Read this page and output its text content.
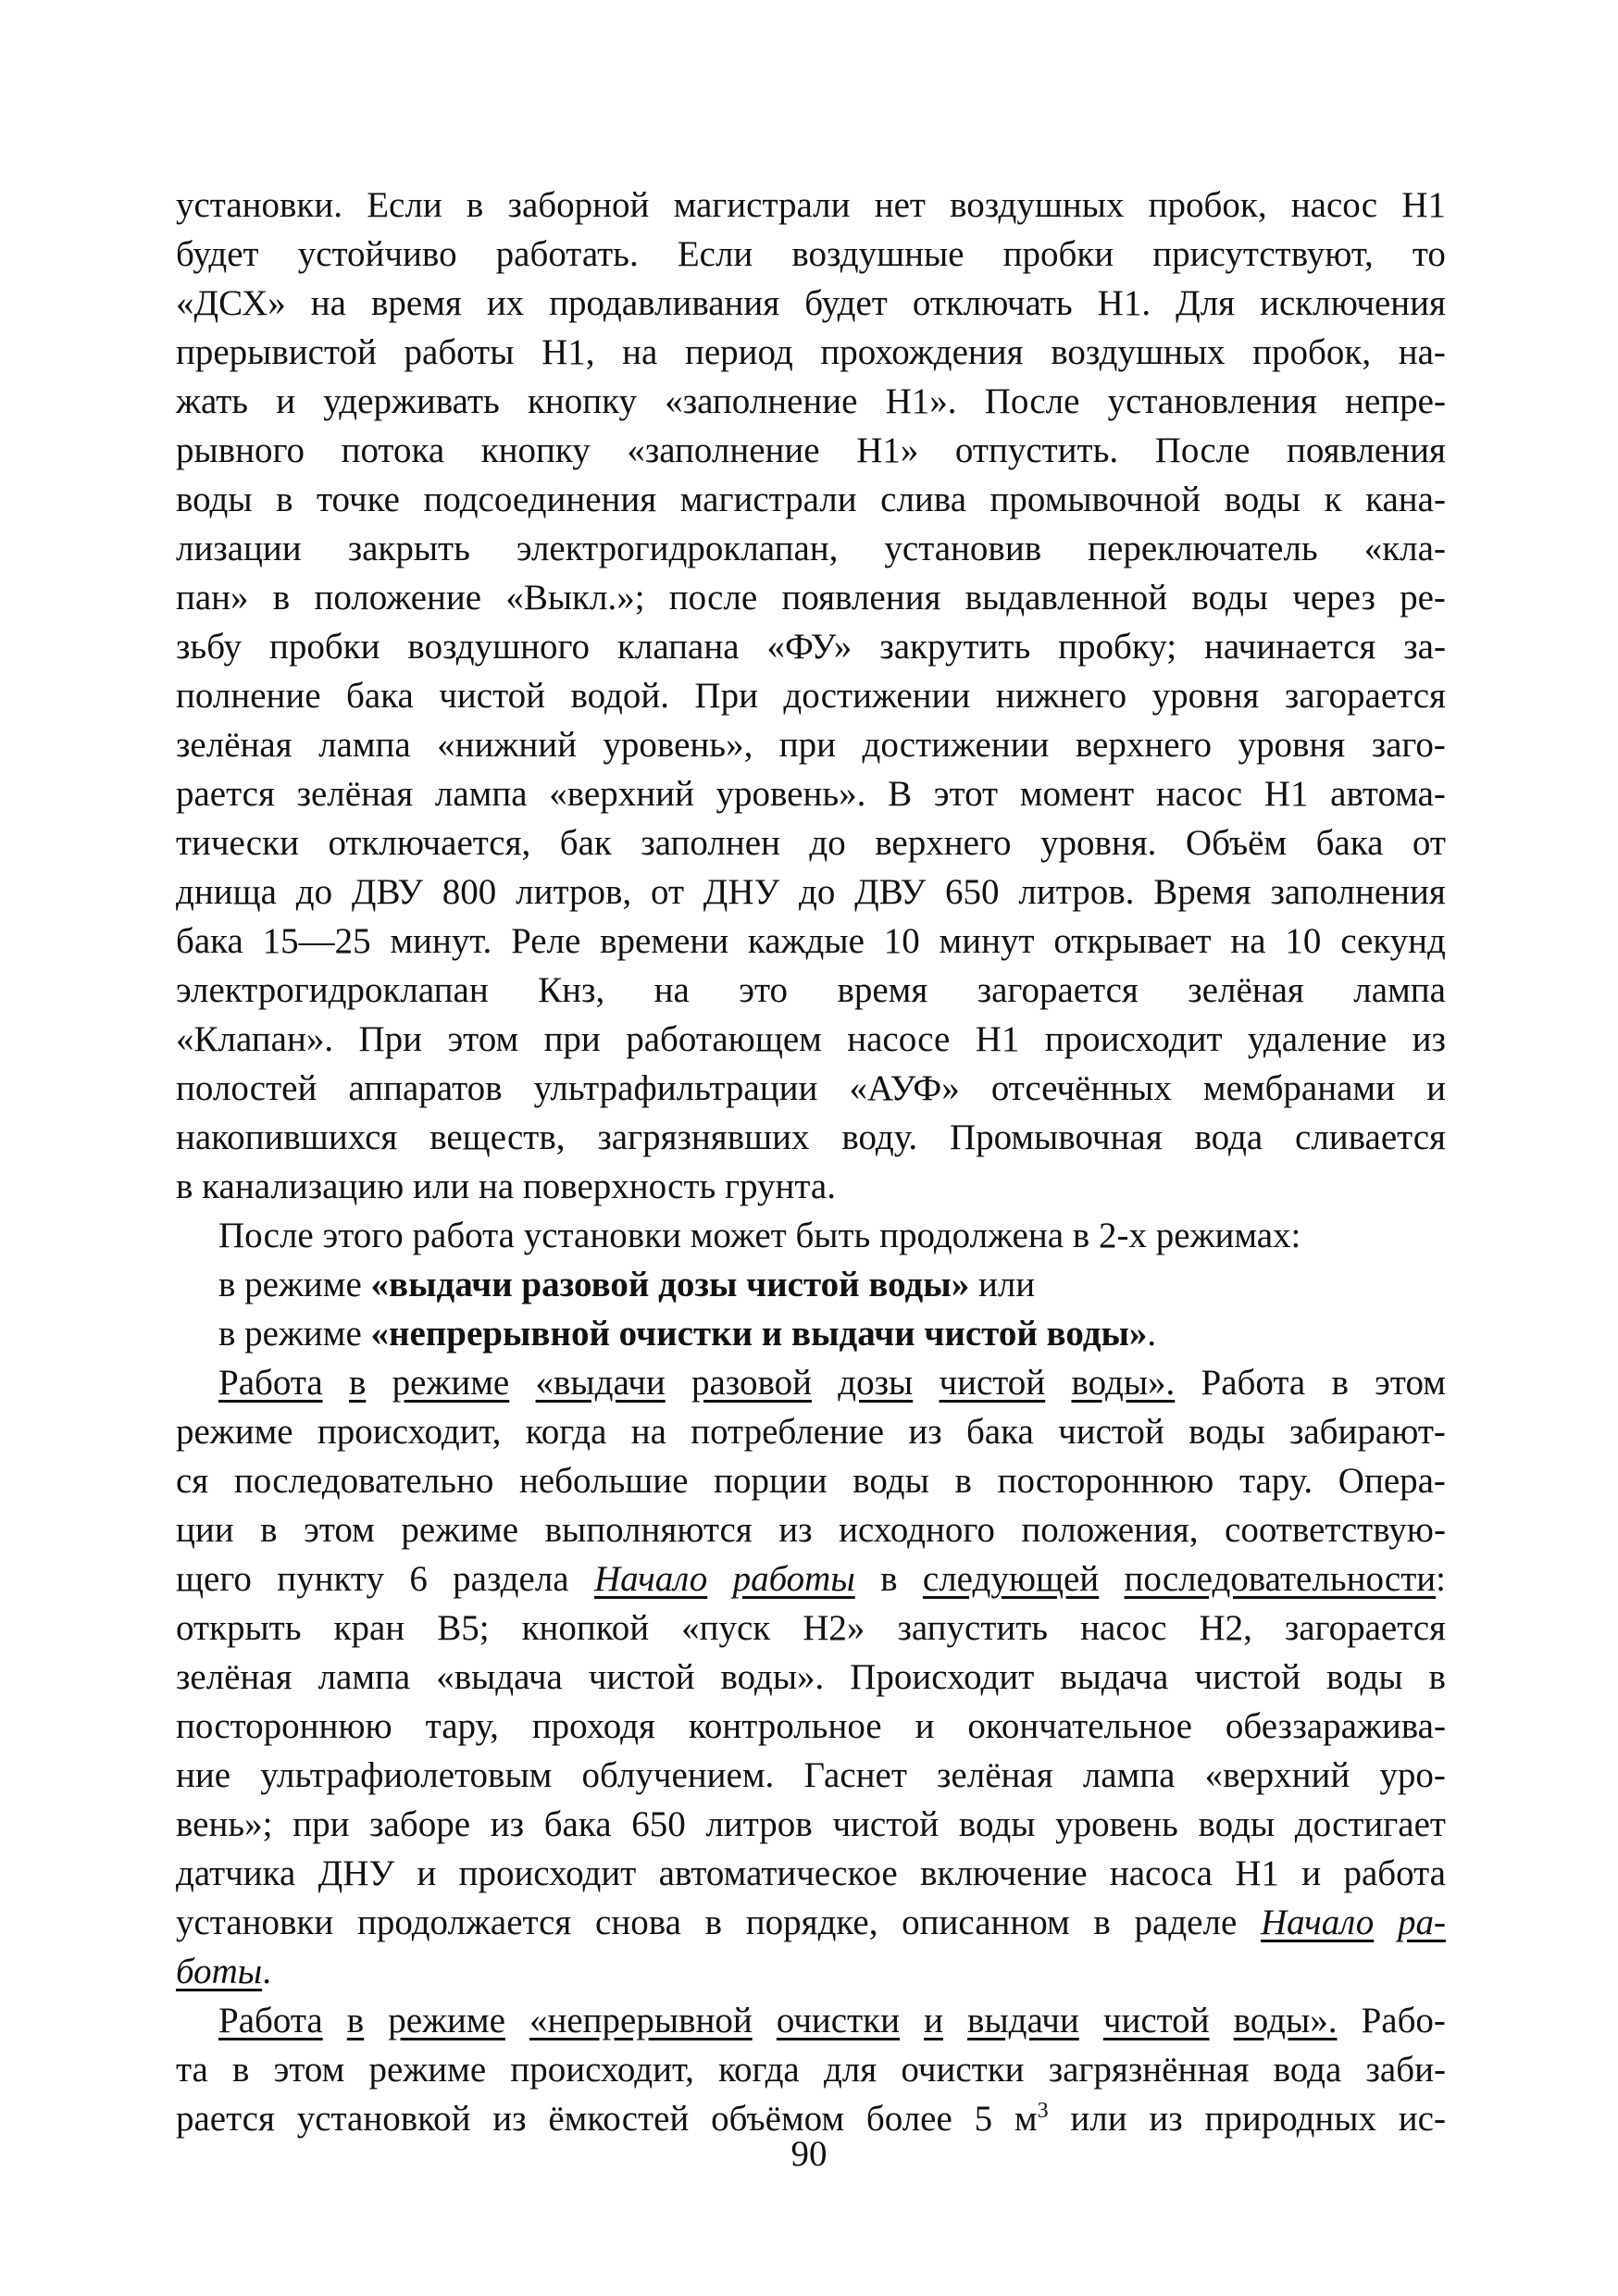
установки. Если в заборной магистрали нет воздушных пробок, насос Н1
будет устойчиво работать. Если воздушные пробки присутствуют, то
«ДСХ» на время их продавливания будет отключать Н1. Для исключения
прерывистой работы Н1, на период прохождения воздушных пробок, на-
жать и удерживать кнопку «заполнение Н1». После установления непре-
рывного потока кнопку «заполнение Н1» отпустить. После появления
воды в точке подсоединения магистрали слива промывочной воды к кана-
лизации закрыть электрогидроклапан, установив переключатель «кла-
пан» в положение «Выкл.»; после появления выдавленной воды через ре-
зьбу пробки воздушного клапана «ФУ» закрутить пробку; начинается за-
полнение бака чистой водой. При достижении нижнего уровня загорается
зелёная лампа «нижний уровень», при достижении верхнего уровня заго-
рается зелёная лампа «верхний уровень». В этот момент насос Н1 автома-
тически отключается, бак заполнен до верхнего уровня. Объём бака от
днища до ДВУ 800 литров, от ДНУ до ДВУ 650 литров. Время заполнения
бака 15—25 минут. Реле времени каждые 10 минут открывает на 10 секунд
электрогидроклапан Кнз, на это время загорается зелёная лампа
«Клапан». При этом при работающем насосе Н1 происходит удаление из
полостей аппаратов ультрафильтрации «АУФ» отсечённых мембранами и
накопившихся веществ, загрязнявших воду. Промывочная вода сливается
в канализацию или на поверхность грунта.
После этого работа установки может быть продолжена в 2-х режимах:
в режиме «выдачи разовой дозы чистой воды» или
в режиме «непрерывной очистки и выдачи чистой воды» .
Работа в режиме «выдачи разовой дозы чистой воды». Работа в этом
режиме происходит, когда на потребление из бака чистой воды забирают-
ся последовательно небольшие порции воды в постороннюю тару. Опера-
ции в этом режиме выполняются из исходного положения, соответствую-
щего пункту 6 раздела Начало работы в следующей последовательности:
открыть кран В5; кнопкой «пуск Н2» запустить насос Н2, загорается
зелёная лампа «выдача чистой воды». Происходит выдача чистой воды в
постороннюю тару, проходя контрольное и окончательное обеззаражива-
ние ультрафиолетовым облучением. Гаснет зелёная лампа «верхний уро-
вень»; при заборе из бака 650 литров чистой воды уровень воды достигает
датчика ДНУ и происходит автоматическое включение насоса Н1 и работа
установки продолжается снова в порядке, описанном в раделе Начало ра-
боты .
Работа в режиме «непрерывной очистки и выдачи чистой воды». Рабо-
та в этом режиме происходит, когда для очистки загрязнённая вода заби-
рается установкой из ёмкостей объёмом более 5 $м^3$ или из природных ис-
90
